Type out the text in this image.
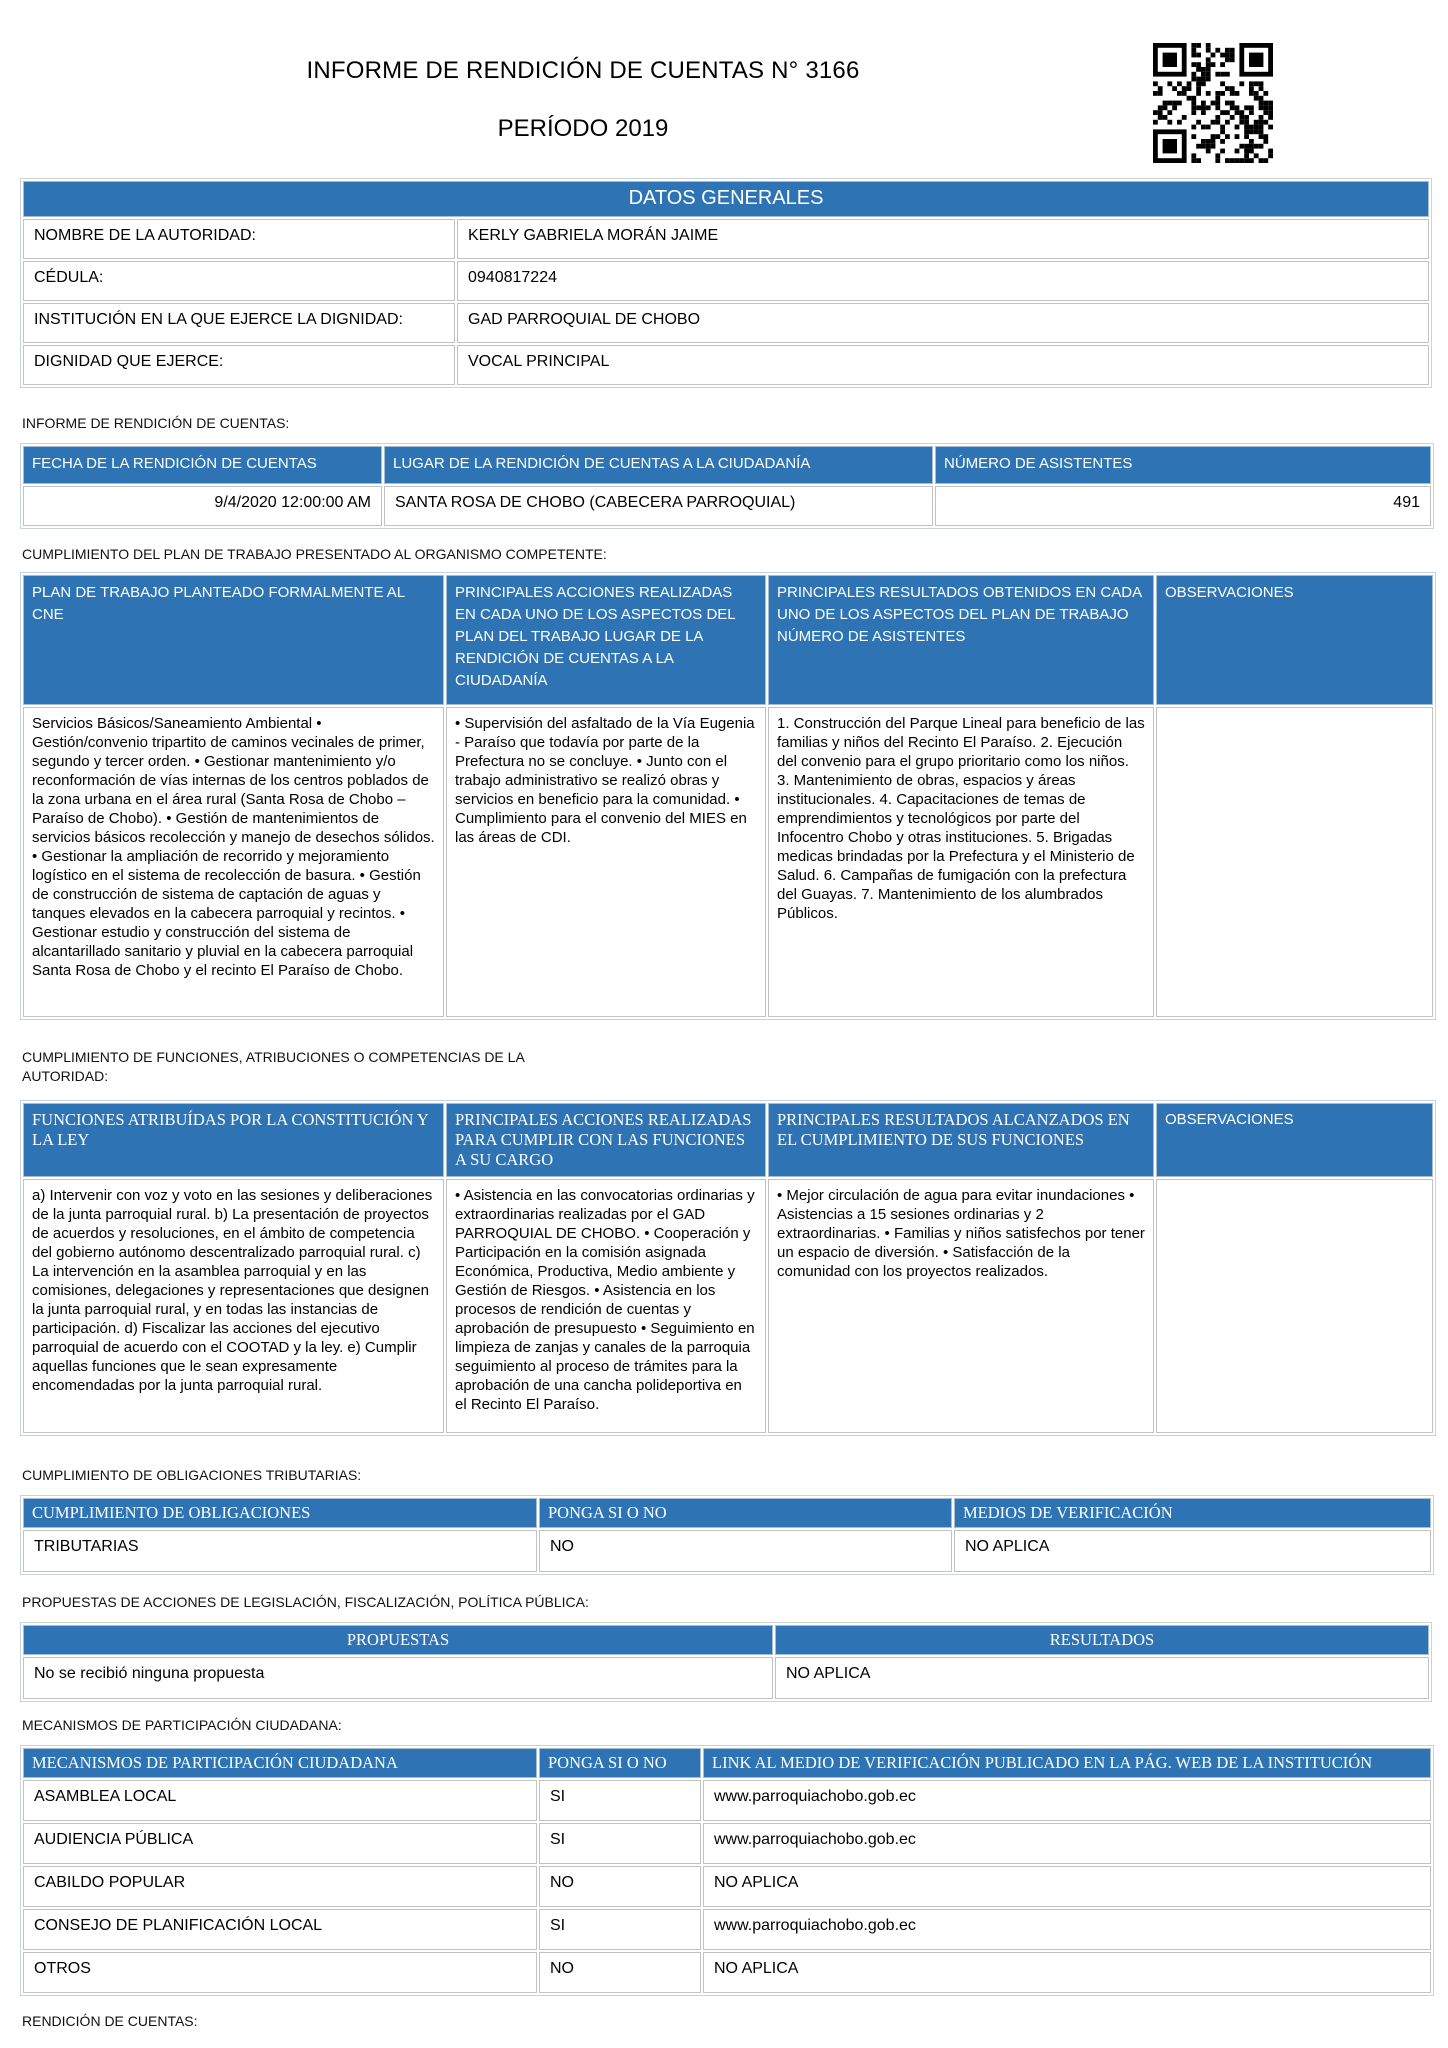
INFORME DE RENDICIÓN DE CUENTAS N° 3166
PERÍODO 2019
DATOS GENERALES	
NOMBRE DE LA AUTORIDAD:	KERLY GABRIELA MORÁN JAIME
CÉDULA:	0940817224
INSTITUCIÓN EN LA QUE EJERCE LA DIGNIDAD:	GAD PARROQUIAL DE CHOBO
DIGNIDAD QUE EJERCE:	VOCAL PRINCIPAL
INFORME DE RENDICIÓN DE CUENTAS:
FECHA DE LA RENDICIÓN DE CUENTAS	LUGAR DE LA RENDICIÓN DE CUENTAS A LA CIUDADANÍA	NÚMERO DE ASISTENTES
9/4/2020 12:00:00 AM	SANTA ROSA DE CHOBO (CABECERA PARROQUIAL)	491
CUMPLIMIENTO DEL PLAN DE TRABAJO PRESENTADO AL ORGANISMO COMPETENTE:
PLAN DE TRABAJO PLANTEADO FORMALMENTE AL CNE	PRINCIPALES ACCIONES REALIZADAS EN CADA UNO DE LOS ASPECTOS DEL PLAN DEL TRABAJO LUGAR DE LA RENDICIÓN DE CUENTAS A LA CIUDADANÍA	PRINCIPALES RESULTADOS OBTENIDOS EN CADA UNO DE LOS ASPECTOS DEL PLAN DE TRABAJO NÚMERO DE ASISTENTES	OBSERVACIONES
Servicios Básicos/Saneamiento Ambiental • Gestión/convenio tripartito de caminos vecinales de primer, segundo y tercer orden. • Gestionar mantenimiento y/o reconformación de vías internas de los centros poblados de la zona urbana en el área rural (Santa Rosa de Chobo – Paraíso de Chobo). • Gestión de mantenimientos de servicios básicos recolección y manejo de desechos sólidos. • Gestionar la ampliación de recorrido y mejoramiento logístico en el sistema de recolección de basura. • Gestión de construcción de sistema de captación de aguas y tanques elevados en la cabecera parroquial y recintos. • Gestionar estudio y construcción del sistema de alcantarillado sanitario y pluvial en la cabecera parroquial Santa Rosa de Chobo y el recinto El Paraíso de Chobo.	• Supervisión del asfaltado de la Vía Eugenia - Paraíso que todavía por parte de la Prefectura no se concluye. • Junto con el trabajo administrativo se realizó obras y servicios en beneficio para la comunidad. • Cumplimiento para el convenio del MIES en las áreas de CDI.	1. Construcción del Parque Lineal para beneficio de las familias y niños del Recinto El Paraíso. 2. Ejecución del convenio para el grupo prioritario como los niños. 3. Mantenimiento de obras, espacios y áreas institucionales. 4. Capacitaciones de temas de emprendimientos y tecnológicos por parte del Infocentro Chobo y otras instituciones. 5. Brigadas medicas brindadas por la Prefectura y el Ministerio de Salud. 6. Campañas de fumigación con la prefectura del Guayas. 7. Mantenimiento de los alumbrados Públicos.	
CUMPLIMIENTO DE FUNCIONES, ATRIBUCIONES O COMPETENCIAS DE LA
AUTORIDAD:
FUNCIONES ATRIBUÍDAS POR LA CONSTITUCIÓN Y LA LEY	PRINCIPALES ACCIONES REALIZADAS PARA CUMPLIR CON LAS FUNCIONES A SU CARGO	PRINCIPALES RESULTADOS ALCANZADOS EN EL CUMPLIMIENTO DE SUS FUNCIONES	OBSERVACIONES
a) Intervenir con voz y voto en las sesiones y deliberaciones de la junta parroquial rural. b) La presentación de proyectos de acuerdos y resoluciones, en el ámbito de competencia del gobierno autónomo descentralizado parroquial rural. c) La intervención en la asamblea parroquial y en las comisiones, delegaciones y representaciones que designen la junta parroquial rural, y en todas las instancias de participación. d) Fiscalizar las acciones del ejecutivo parroquial de acuerdo con el COOTAD y la ley. e) Cumplir aquellas funciones que le sean expresamente encomendadas por la junta parroquial rural.	• Asistencia en las convocatorias ordinarias y extraordinarias realizadas por el GAD PARROQUIAL DE CHOBO. • Cooperación y Participación en la comisión asignada Económica, Productiva, Medio ambiente y Gestión de Riesgos. • Asistencia en los procesos de rendición de cuentas y aprobación de presupuesto • Seguimiento en limpieza de zanjas y canales de la parroquia seguimiento al proceso de trámites para la aprobación de una cancha polideportiva en el Recinto El Paraíso.	• Mejor circulación de agua para evitar inundaciones • Asistencias a 15 sesiones ordinarias y 2 extraordinarias. • Familias y niños satisfechos por tener un espacio de diversión. • Satisfacción de la comunidad con los proyectos realizados.	
CUMPLIMIENTO DE OBLIGACIONES TRIBUTARIAS:
CUMPLIMIENTO DE OBLIGACIONES	PONGA SI O NO	MEDIOS DE VERIFICACIÓN
TRIBUTARIAS	NO	NO APLICA
PROPUESTAS DE ACCIONES DE LEGISLACIÓN, FISCALIZACIÓN, POLÍTICA PÚBLICA:
PROPUESTAS	RESULTADOS
No se recibió ninguna propuesta	NO APLICA
MECANISMOS DE PARTICIPACIÓN CIUDADANA:
MECANISMOS DE PARTICIPACIÓN CIUDADANA	PONGA SI O NO	LINK AL MEDIO DE VERIFICACIÓN PUBLICADO EN LA PÁG. WEB DE LA INSTITUCIÓN
ASAMBLEA LOCAL	SI	www.parroquiachobo.gob.ec
AUDIENCIA PÚBLICA	SI	www.parroquiachobo.gob.ec
CABILDO POPULAR	NO	NO APLICA
CONSEJO DE PLANIFICACIÓN LOCAL	SI	www.parroquiachobo.gob.ec
OTROS	NO	NO APLICA
RENDICIÓN DE CUENTAS:
